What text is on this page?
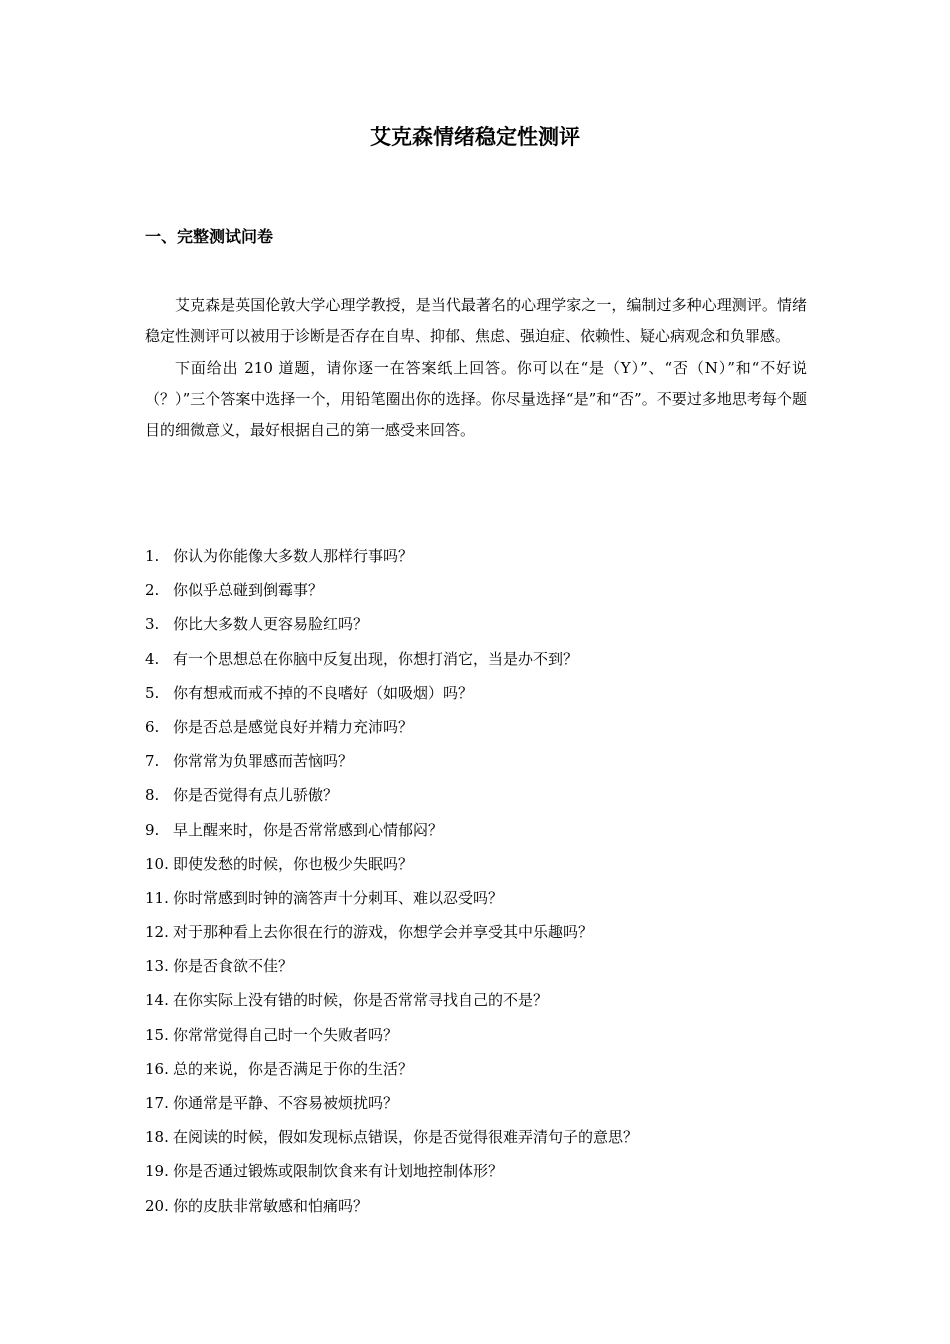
艾克森情绪稳定性测评
一、完整测试问卷

艾克森是英国伦敦大学心理学教授，是当代最著名的心理学家之一，编制过多种心理测评。情绪稳定性测评可以被用于诊断是否存在自卑、抑郁、焦虑、强迫症、依赖性、疑心病观念和负罪感。

下面给出 210 道题，请你逐一在答案纸上回答。你可以在“是（Y）”、“否（N）”和“不好说（？）”三个答案中选择一个，用铅笔圈出你的选择。你尽量选择“是”和“否”。不要过多地思考每个题目的细微意义，最好根据自己的第一感受来回答。

1. 你认为你能像大多数人那样行事吗？
2. 你似乎总碰到倒霉事？
3. 你比大多数人更容易脸红吗？
4. 有一个思想总在你脑中反复出现，你想打消它，当是办不到？
5. 你有想戒而戒不掉的不良嗜好（如吸烟）吗？
6. 你是否总是感觉良好并精力充沛吗？
7. 你常常为负罪感而苦恼吗？
8. 你是否觉得有点儿骄傲？
9. 早上醒来时，你是否常常感到心情郁闷？
10. 即使发愁的时候，你也极少失眠吗？
11. 你时常感到时钟的滴答声十分刺耳、难以忍受吗？
12. 对于那种看上去你很在行的游戏，你想学会并享受其中乐趣吗？
13. 你是否食欲不佳？
14. 在你实际上没有错的时候，你是否常常寻找自己的不是？
15. 你常常觉得自己时一个失败者吗？
16. 总的来说，你是否满足于你的生活？
17. 你通常是平静、不容易被烦扰吗？
18. 在阅读的时候，假如发现标点错误，你是否觉得很难弄清句子的意思？
19. 你是否通过锻炼或限制饮食来有计划地控制体形？
20. 你的皮肤非常敏感和怕痛吗？
